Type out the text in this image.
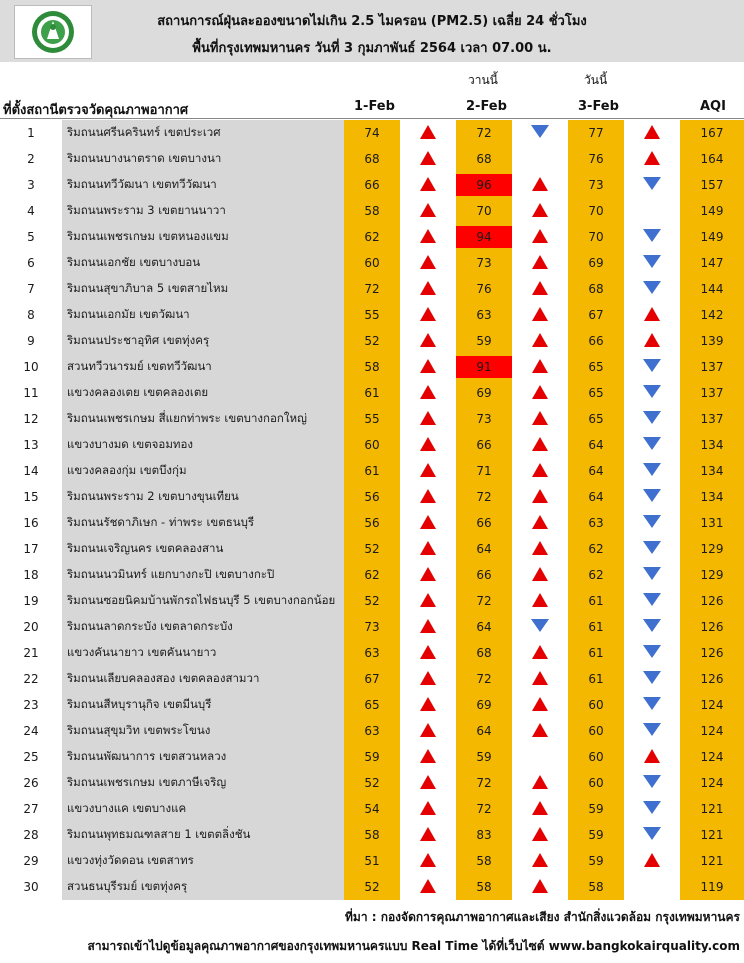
สถานการณ์ฝุ่นละอองขนาดไม่เกิน 2.5 ไมครอน (PM2.5) เฉลี่ย 24 ชั่วโมง
พื้นที่กรุงเทพมหานคร วันที่ 3 กุมภาพันธ์ 2564 เวลา 07.00 น.
วานนี้	วันนี้
ที่ตั้งสถานีตรวจวัดคุณภาพอากาศ	1-Feb	2-Feb	3-Feb	AQI
1	ริมถนนศรีนครินทร์ เขตประเวศ	74		72		77		167
2	ริมถนนบางนาตราด เขตบางนา	68		68		76		164
3	ริมถนนทวีวัฒนา เขตทวีวัฒนา	66		96		73		157
4	ริมถนนพระราม 3 เขตยานนาวา	58		70		70		149
5	ริมถนนเพชรเกษม เขตหนองแขม	62		94		70		149
6	ริมถนนเอกชัย เขตบางบอน	60		73		69		147
7	ริมถนนสุขาภิบาล 5 เขตสายไหม	72		76		68		144
8	ริมถนนเอกมัย เขตวัฒนา	55		63		67		142
9	ริมถนนประชาอุทิศ เขตทุ่งครุ	52		59		66		139
10	สวนทวีวนารมย์ เขตทวีวัฒนา	58		91		65		137
11	แขวงคลองเตย เขตคลองเตย	61		69		65		137
12	ริมถนนเพชรเกษม สี่แยกท่าพระ เขตบางกอกใหญ่	55		73		65		137
13	แขวงบางมด เขตจอมทอง	60		66		64		134
14	แขวงคลองกุ่ม เขตบึงกุ่ม	61		71		64		134
15	ริมถนนพระราม 2 เขตบางขุนเทียน	56		72		64		134
16	ริมถนนรัชดาภิเษก - ท่าพระ เขตธนบุรี	56		66		63		131
17	ริมถนนเจริญนคร เขตคลองสาน	52		64		62		129
18	ริมถนนนวมินทร์ แยกบางกะปิ เขตบางกะปิ	62		66		62		129
19	ริมถนนซอยนิคมบ้านพักรถไฟธนบุรี 5 เขตบางกอกน้อย	52		72		61		126
20	ริมถนนลาดกระบัง เขตลาดกระบัง	73		64		61		126
21	แขวงคันนายาว เขตคันนายาว	63		68		61		126
22	ริมถนนเลียบคลองสอง เขตคลองสามวา	67		72		61		126
23	ริมถนนสีหบุรานุกิจ เขตมีนบุรี	65		69		60		124
24	ริมถนนสุขุมวิท เขตพระโขนง	63		64		60		124
25	ริมถนนพัฒนาการ เขตสวนหลวง	59		59		60		124
26	ริมถนนเพชรเกษม เขตภาษีเจริญ	52		72		60		124
27	แขวงบางแค เขตบางแค	54		72		59		121
28	ริมถนนพุทธมณฑลสาย 1 เขตตลิ่งชัน	58		83		59		121
29	แขวงทุ่งวัดดอน เขตสาทร	51		58		59		121
30	สวนธนบุรีรมย์ เขตทุ่งครุ	52		58		58		119
ที่มา : กองจัดการคุณภาพอากาศและเสียง สำนักสิ่งแวดล้อม กรุงเทพมหานคร
สามารถเข้าไปดูข้อมูลคุณภาพอากาศของกรุงเทพมหานครแบบ Real Time ได้ที่เว็บไซต์ www.bangkokairquality.com
